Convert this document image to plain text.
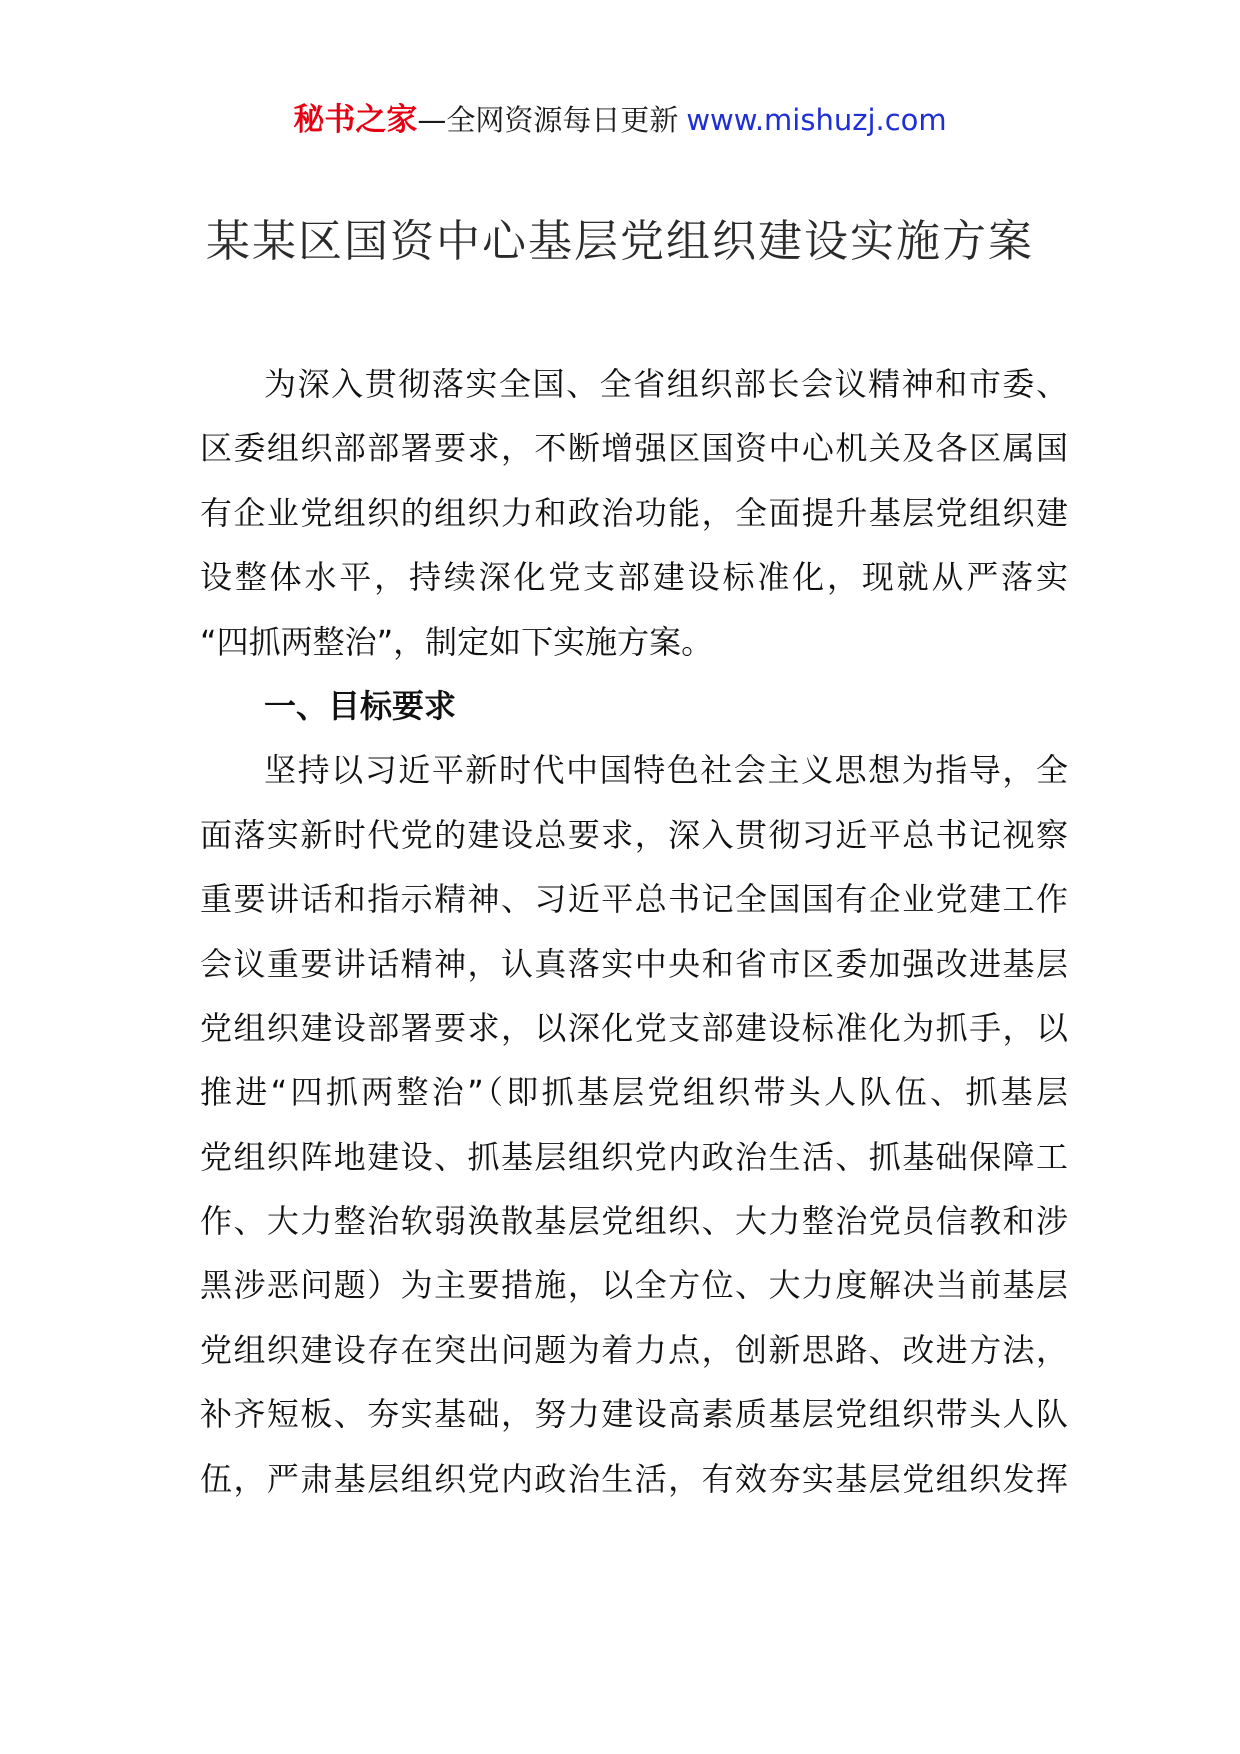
秘书之家—全网资源每日更新 www.mishuzj.com
某某区国资中心基层党组织建设实施方案
为深入贯彻落实全国、全省组织部长会议精神和市委、
区委组织部部署要求，不断增强区国资中心机关及各区属国
有企业党组织的组织力和政治功能，全面提升基层党组织建
设整体水平，持续深化党支部建设标准化，现就从严落实
“四抓两整治”，制定如下实施方案。
一、目标要求
坚持以习近平新时代中国特色社会主义思想为指导，全
面落实新时代党的建设总要求，深入贯彻习近平总书记视察
重要讲话和指示精神、习近平总书记全国国有企业党建工作
会议重要讲话精神，认真落实中央和省市区委加强改进基层
党组织建设部署要求，以深化党支部建设标准化为抓手，以
推进“四抓两整治”（即抓基层党组织带头人队伍、抓基层
党组织阵地建设、抓基层组织党内政治生活、抓基础保障工
作、大力整治软弱涣散基层党组织、大力整治党员信教和涉
黑涉恶问题）为主要措施，以全方位、大力度解决当前基层
党组织建设存在突出问题为着力点，创新思路、改进方法，
补齐短板、夯实基础，努力建设高素质基层党组织带头人队
伍，严肃基层组织党内政治生活，有效夯实基层党组织发挥
